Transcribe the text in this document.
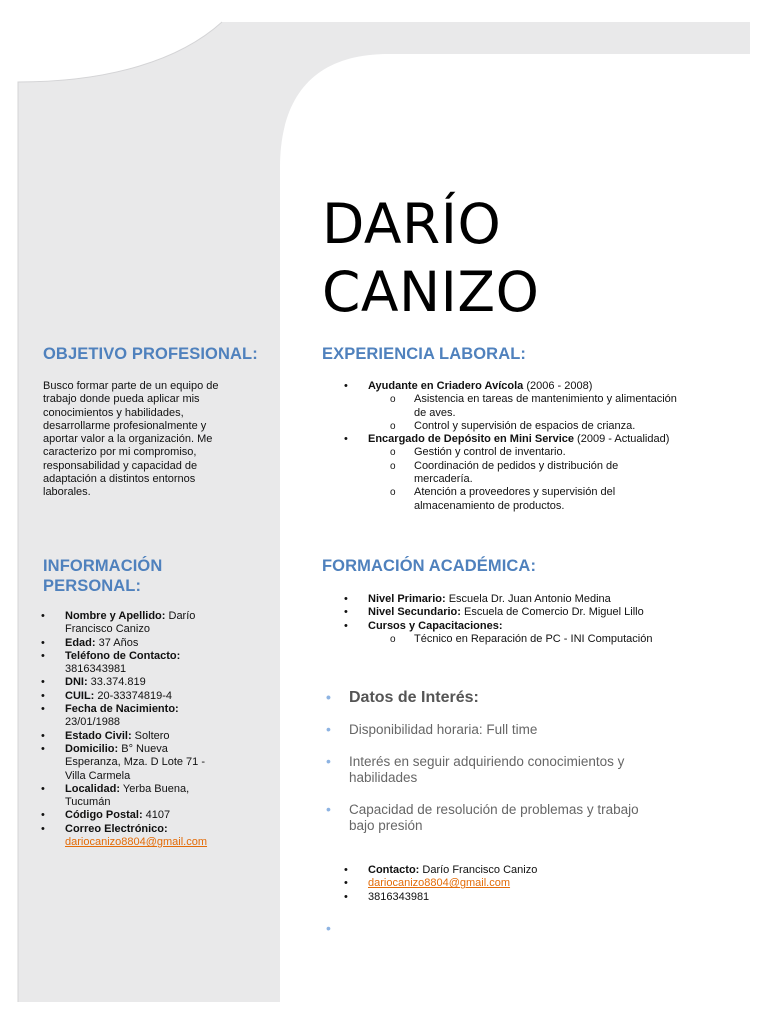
DARÍO
CANIZO
OBJETIVO PROFESIONAL:
Busco formar parte de un equipo de
trabajo donde pueda aplicar mis
conocimientos y habilidades,
desarrollarme profesionalmente y
aportar valor a la organización. Me
caracterizo por mi compromiso,
responsabilidad y capacidad de
adaptación a distintos entornos
laborales.
INFORMACIÓN
PERSONAL:
• Nombre y Apellido: Darío
Francisco Canizo
• Edad: 37 Años
• Teléfono de Contacto:
3816343981
• DNI: 33.374.819
• CUIL: 20-33374819-4
• Fecha de Nacimiento:
23/01/1988
• Estado Civil: Soltero
• Domicilio: B° Nueva
Esperanza, Mza. D Lote 71 -
Villa Carmela
• Localidad: Yerba Buena,
Tucumán
• Código Postal: 4107
• Correo Electrónico:
dariocanizo8804@gmail.com
EXPERIENCIA LABORAL:
• Ayudante en Criadero Avícola (2006 - 2008)
o Asistencia en tareas de mantenimiento y alimentación
de aves.
o Control y supervisión de espacios de crianza.
• Encargado de Depósito en Mini Service (2009 - Actualidad)
o Gestión y control de inventario.
o Coordinación de pedidos y distribución de
mercadería.
o Atención a proveedores y supervisión del
almacenamiento de productos.
FORMACIÓN ACADÉMICA:
• Nivel Primario: Escuela Dr. Juan Antonio Medina
• Nivel Secundario: Escuela de Comercio Dr. Miguel Lillo
• Cursos y Capacitaciones:
o Técnico en Reparación de PC - INI Computación
• Datos de Interés:
• Disponibilidad horaria: Full time
• Interés en seguir adquiriendo conocimientos y
habilidades
• Capacidad de resolución de problemas y trabajo
bajo presión
• Contacto: Darío Francisco Canizo
• dariocanizo8804@gmail.com
• 3816343981
•
